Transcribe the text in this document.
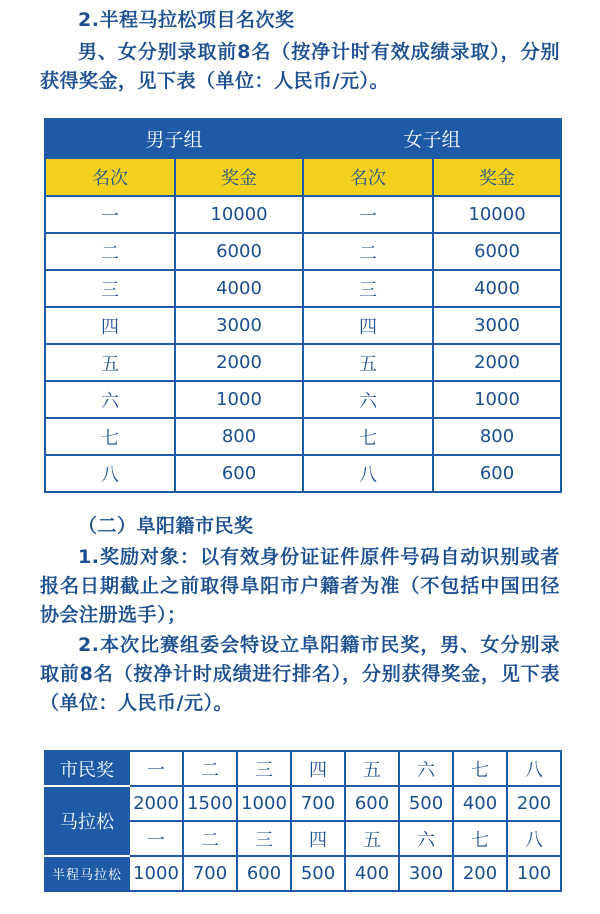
2.半程马拉松项目名次奖
男、女分别录取前8名（按净计时有效成绩录取），分别获得奖金，见下表（单位：人民币/元）。
男子组		女子组	
名次	奖金	名次	奖金
一	10000	一	10000
二	6000	二	6000
三	4000	三	4000
四	3000	四	3000
五	2000	五	2000
六	1000	六	1000
七	800	七	800
八	600	八	600
（二）阜阳籍市民奖
1.奖励对象：以有效身份证证件原件号码自动识别或者报名日期截止之前取得阜阳市户籍者为准（不包括中国田径协会注册选手）；
2.本次比赛组委会特设立阜阳籍市民奖，男、女分别录取前8名（按净计时成绩进行排名），分别获得奖金，见下表（单位：人民币/元）。
市民奖	一	二	三	四	五	六	七	八
马拉松	2000	1500	1000	700	600	500	400	200
	一	二	三	四	五	六	七	八
半程马拉松	1000	700	600	500	400	300	200	100
